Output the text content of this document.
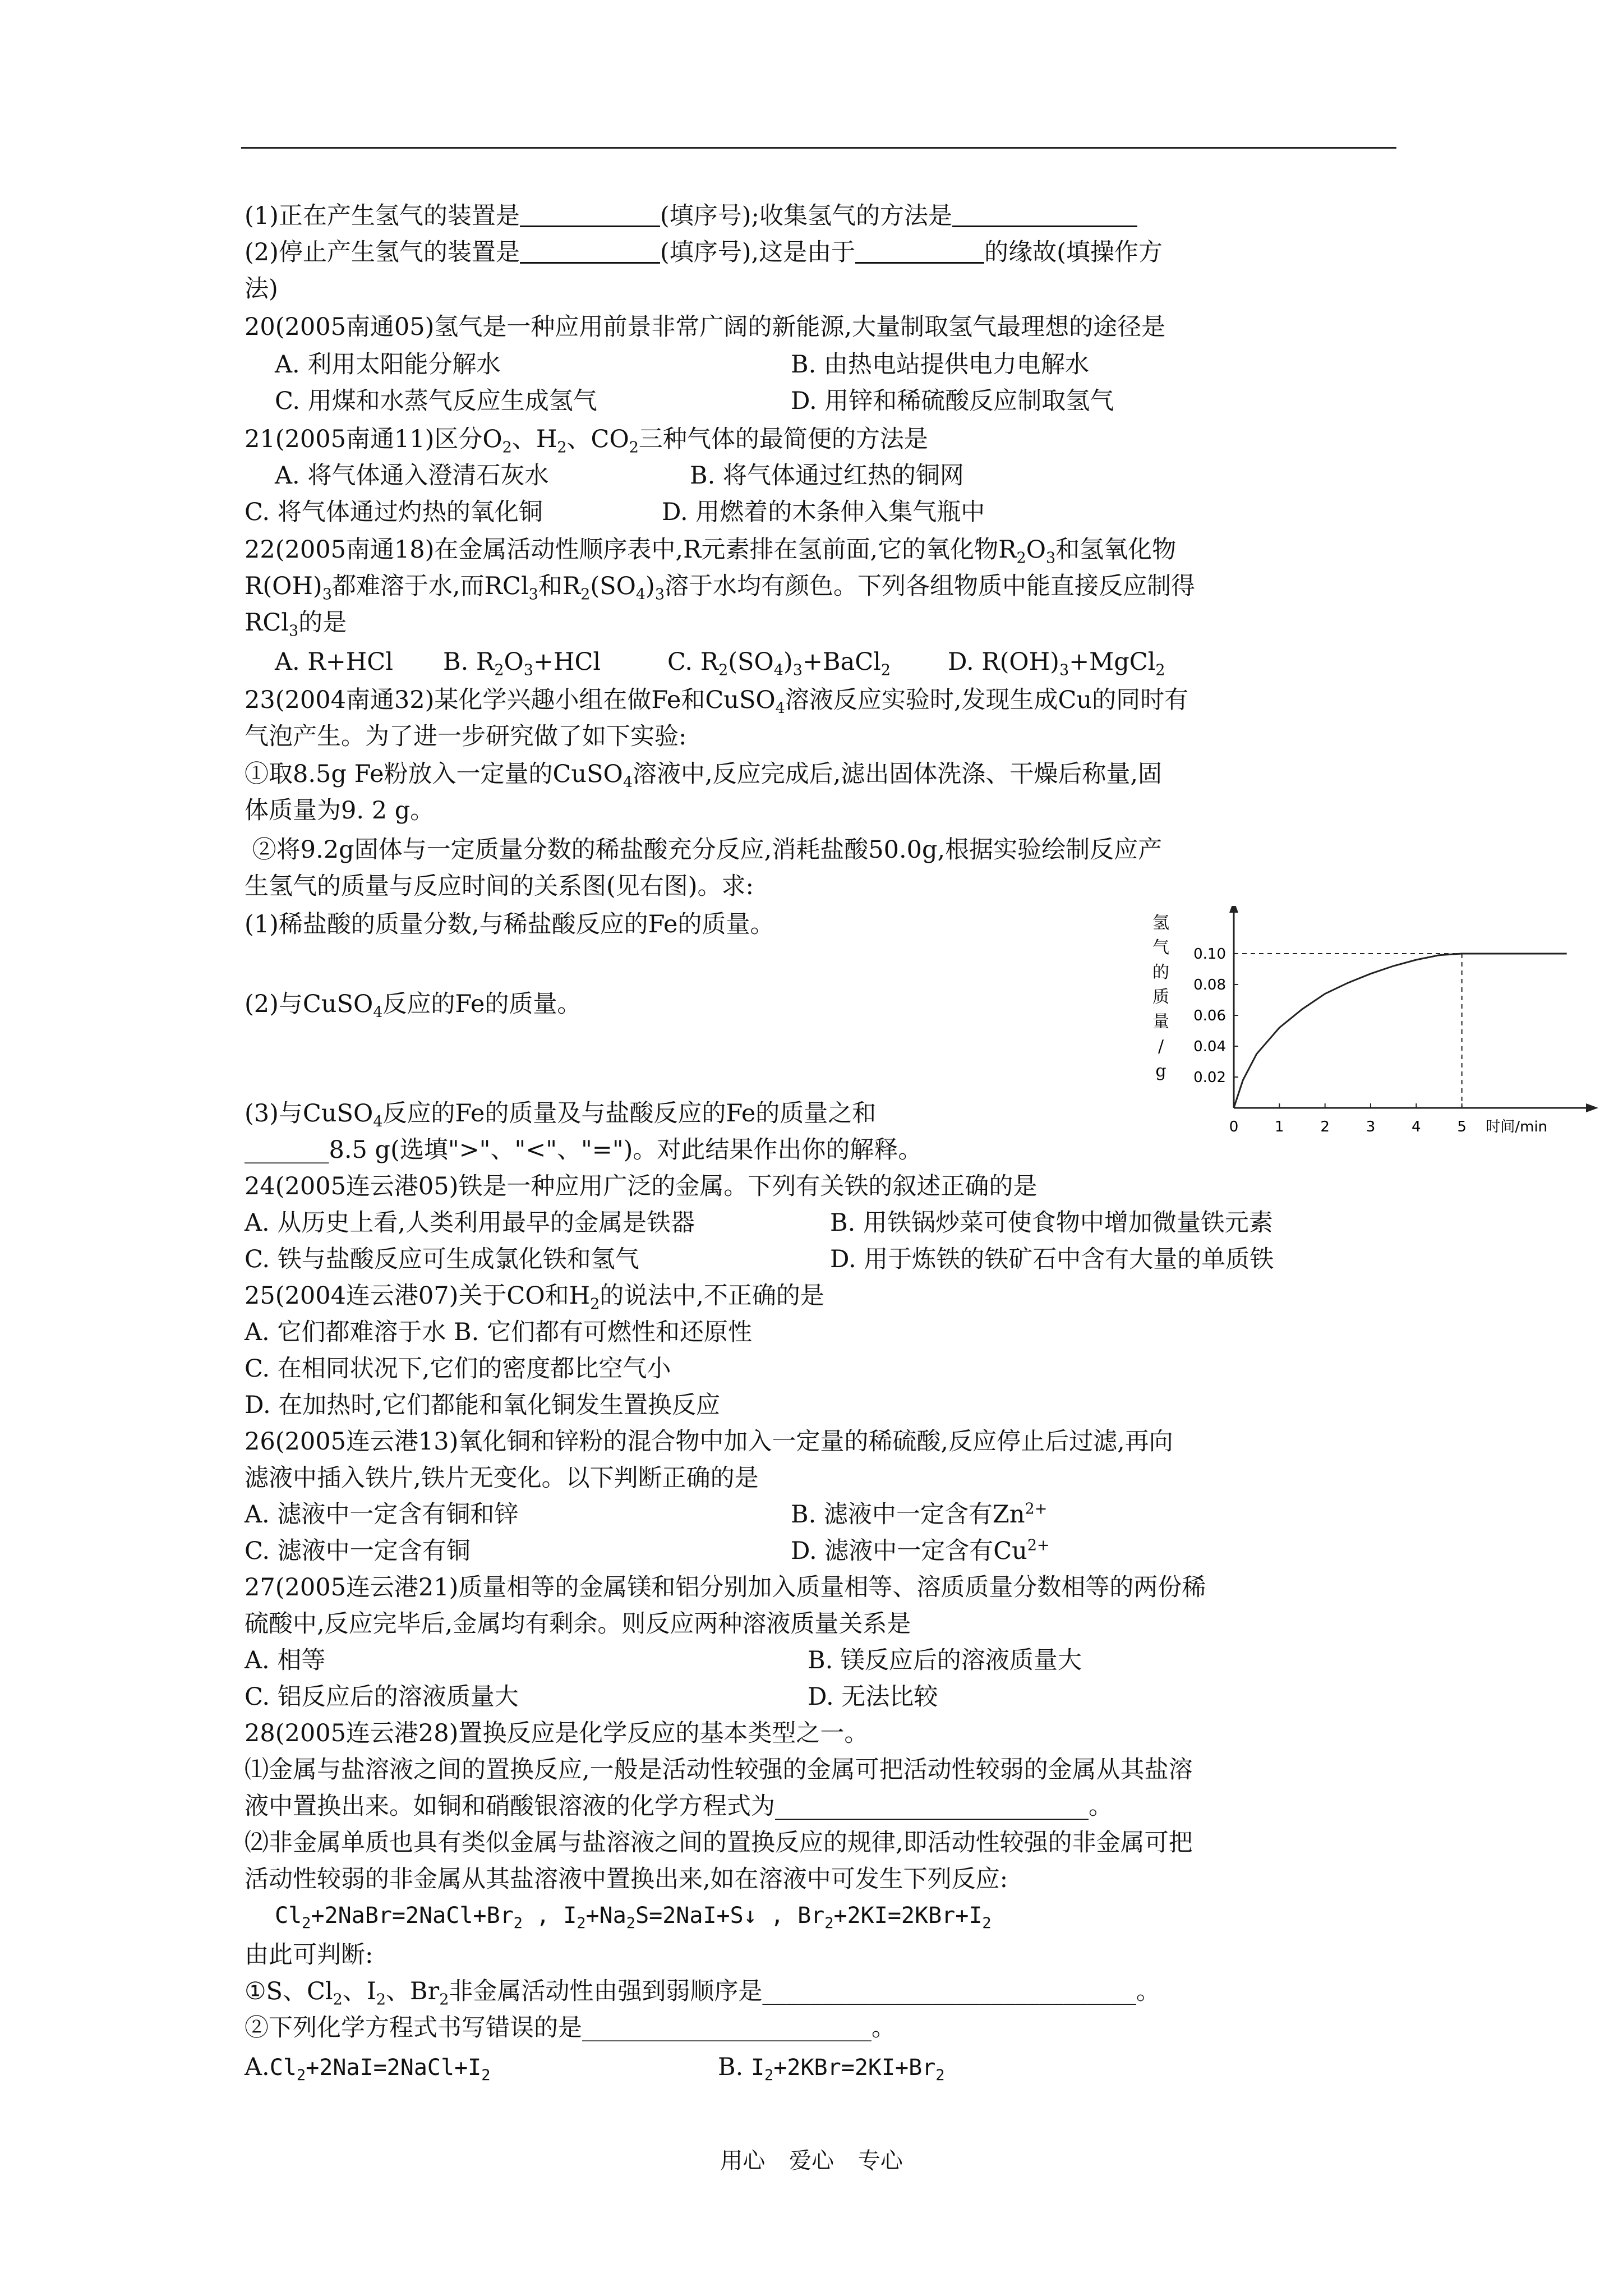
(1)正在产生氢气的装置是	(填序号);收集氢气的方法是
(2)停止产生氢气的装置是	(填序号),这是由于	的缘故(填操作方
法)
20(2005南通05)氢气是一种应用前景非常广阔的新能源,大量制取氢气最理想的途径是
A. 利用太阳能分解水	B. 由热电站提供电力电解水
C. 用煤和水蒸气反应生成氢气	D. 用锌和稀硫酸反应制取氢气
21(2005南通11)区分$O_2$、$H_2$、$CO_2$三种气体的最简便的方法是
A. 将气体通入澄清石灰水	B. 将气体通过红热的铜网
C. 将气体通过灼热的氧化铜	D. 用燃着的木条伸入集气瓶中
22(2005南通18)在金属活动性顺序表中,R元素排在氢前面,它的氧化物$R_2O_3$和氢氧化物
$R(OH)_3$都难溶于水,而RCl$_3$和$R_2(SO_4)_3$溶于水均有颜色。下列各组物质中能直接反应制得
RCl$_3$的是
A. R+HCl B. $R_2O_3+HCl$	C. $R_2(SO_4)_3+BaCl_2$ D. $R(OH)_3+MgCl_2$
23(2004南通32)某化学兴趣小组在做Fe和CuSO$_4$溶液反应实验时,发现生成Cu的同时有
气泡产生。为了进一步研究做了如下实验:
①取8.5g Fe粉放入一定量的CuSO$_4$溶液中,反应完成后,滤出固体洗涤、干燥后称量,固
体质量为9. 2 g。
②将9.2g固体与一定质量分数的稀盐酸充分反应,消耗盐酸50.0g,根据实验绘制反应产
生氢气的质量与反应时间的关系图(见右图)。求:
(1)稀盐酸的质量分数,与稀盐酸反应的Fe的质量。
(2)与CuSO$_4$反应的Fe的质量。
(3)与CuSO$_4$反应的Fe的质量及与盐酸反应的Fe的质量之和
_______8.5 g(选填">"、"<"、"=")。对此结果作出你的解释。
0 1 2 3 4 5
0.02
0.04
0.06
0.08
0.10
时间/min
氢
气
的
质
量
/
g
24(2005连云港05)铁是一种应用广泛的金属。下列有关铁的叙述正确的是
A. 从历史上看,人类利用最早的金属是铁器	B. 用铁锅炒菜可使食物中增加微量铁元素
C. 铁与盐酸反应可生成氯化铁和氢气	D. 用于炼铁的铁矿石中含有大量的单质铁
25(2004连云港07)关于CO和$H_2$的说法中,不正确的是
A. 它们都难溶于水 B. 它们都有可燃性和还原性
C. 在相同状况下,它们的密度都比空气小
D. 在加热时,它们都能和氧化铜发生置换反应
26(2005连云港13)氧化铜和锌粉的混合物中加入一定量的稀硫酸,反应停止后过滤,再向
滤液中插入铁片,铁片无变化。以下判断正确的是
A. 滤液中一定含有铜和锌	B. 滤液中一定含有$Zn^{2+}$
C. 滤液中一定含有铜	D. 滤液中一定含有$Cu^{2+}$
27(2005连云港21)质量相等的金属镁和铝分别加入质量相等、溶质质量分数相等的两份稀
硫酸中,反应完毕后,金属均有剩余。则反应两种溶液质量关系是
A. 相等	B. 镁反应后的溶液质量大
C. 铝反应后的溶液质量大	D. 无法比较
28(2005连云港28)置换反应是化学反应的基本类型之一。
⑴金属与盐溶液之间的置换反应,一般是活动性较强的金属可把活动性较弱的金属从其盐溶
液中置换出来。如铜和硝酸银溶液的化学方程式为__________________________。
⑵非金属单质也具有类似金属与盐溶液之间的置换反应的规律,即活动性较强的非金属可把
活动性较弱的非金属从其盐溶液中置换出来,如在溶液中可发生下列反应:
$Cl_2+2NaBr=2NaCl+Br_2$ , $I_2+Na_2S=2NaI+S↓$ , $Br_2+2KI=2KBr+I_2$
由此可判断:
①S、$Cl_2$、$I_2$、$Br_2$非金属活动性由强到弱顺序是_______________________________。
②下列化学方程式书写错误的是________________________。
$A.Cl_2+2NaI=2NaCl+I_2$	B. $I_2+2KBr=2KI+Br_2$
用心 爱心 专心
